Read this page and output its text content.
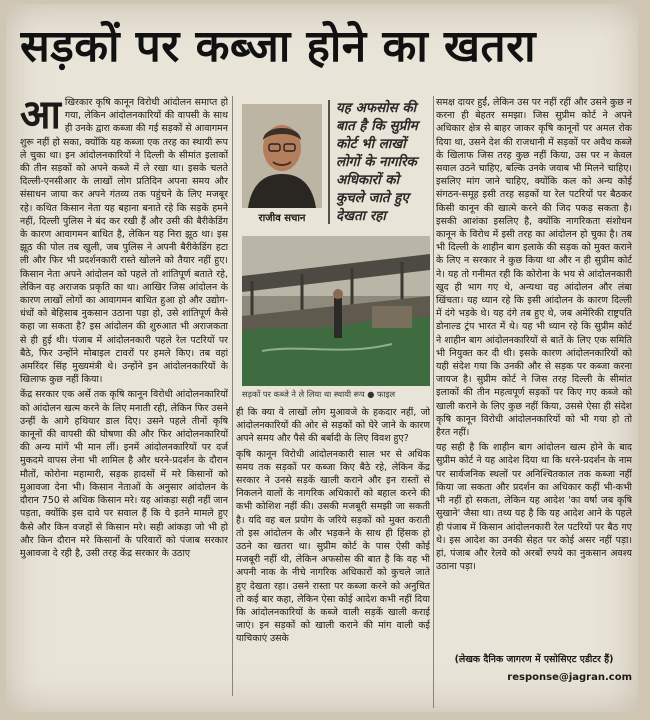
सड़कों पर कब्जा होने का खतरा

आखिरकार कृषि कानून विरोधी आंदोलन समाप्त हो गया, लेकिन आंदोलनकारियों की वापसी के साथ ही उनके द्वारा कब्जा की गई सड़कों से आवागमन शुरू नहीं हो सका, क्योंकि यह कब्जा एक तरह का स्थायी रूप ले चुका था। इन आंदोलनकारियों ने दिल्ली के सीमांत इलाकों की तीन सड़कों को अपने कब्जे में ले रखा था। इसके चलते दिल्ली-एनसीआर के लाखों लोग प्रतिदिन अपना समय और संसाधन जाया कर अपने गंतव्य तक पहुंचने के लिए मजबूर रहे। कथित किसान नेता यह बहाना बनाते रहे कि सड़कें हमने नहीं, दिल्ली पुलिस ने बंद कर रखी हैं और उसी की बैरीकेडिंग के कारण आवागमन बाधित है, लेकिन यह निरा झूठ था। इस झूठ की पोल तब खुली, जब पुलिस ने अपनी बैरीकेडिंग हटा ली और फिर भी प्रदर्शनकारी रास्ते खोलने को तैयार नहीं हुए। किसान नेता अपने आंदोलन को पहले तो शांतिपूर्ण बताते रहे, लेकिन वह अराजक प्रकृति का था। आखिर जिस आंदोलन के कारण लाखों लोगों का आवागमन बाधित हुआ हो और उद्योग-धंधों को बेहिसाब नुकसान उठाना पड़ा हो, उसे शांतिपूर्ण कैसे कहा जा सकता है? इस आंदोलन की शुरुआत भी अराजकता से ही हुई थी। पंजाब में आंदोलनकारी पहले रेल पटरियों पर बैठे, फिर उन्होंने मोबाइल टावरों पर हमले किए। तब वहां अमरिंदर सिंह मुख्यमंत्री थे। उन्होंने इन आंदोलनकारियों के खिलाफ कुछ नहीं किया।

केंद्र सरकार एक अर्से तक कृषि कानून विरोधी आंदोलनकारियों को आंदोलन खत्म करने के लिए मनाती रही, लेकिन फिर उसने उन्हीं के आगे हथियार डाल दिए। उसने पहले तीनों कृषि कानूनों की वापसी की घोषणा की और फिर आंदोलनकारियों की अन्य मांगें भी मान लीं। इनमें आंदोलनकारियों पर दर्ज मुकदमे वापस लेना भी शामिल है और धरने-प्रदर्शन के दौरान मौतों, कोरोना महामारी, सड़क हादसों में मरे किसानों को मुआवजा देना भी। किसान नेताओं के अनुसार आंदोलन के दौरान 750 से अधिक किसान मरे। यह आंकड़ा सही नहीं जान पड़ता, क्योंकि इस दावे पर सवाल हैं कि ये इतने मामले हुए कैसे और किन वजहों से किसान मरे। सही आंकड़ा जो भी हो और किन दौरान मरे किसानों के परिवारों को पंजाब सरकार मुआवजा दे रही है, उसी तरह केंद्र सरकार के उठाए

राजीव सचान
यह अफसोस की बात है कि सुप्रीम कोर्ट भी लाखों लोगों के नागरिक अधिकारों को कुचले जाते हुए देखता रहा
सड़कों पर कब्जे ने ले लिया था स्थायी रूप ● फाइल

ही कि क्या वे लाखों लोग मुआवजे के हकदार नहीं, जो आंदोलनकारियों की ओर से सड़कों को घेरे जाने के कारण अपने समय और पैसे की बर्बादी के लिए विवश हुए?

कृषि कानून विरोधी आंदोलनकारी साल भर से अधिक समय तक सड़कों पर कब्जा किए बैठे रहे, लेकिन केंद्र सरकार ने उनसे सड़कें खाली कराने और इन रास्तों से निकलने वालों के नागरिक अधिकारों को बहाल करने की कभी कोशिश नहीं की। उसकी मजबूरी समझी जा सकती है। यदि वह बल प्रयोग के जरिये सड़कों को मुक्त कराती तो इस आंदोलन के और भड़कने के साथ ही हिंसक हो उठने का खतरा था। सुप्रीम कोर्ट के पास ऐसी कोई मजबूरी नहीं थी, लेकिन अफसोस की बात है कि वह भी अपनी नाक के नीचे नागरिक अधिकारों को कुचले जाते हुए देखता रहा। उसने रास्ता पर कब्जा करने को अनुचित तो कई बार कहा, लेकिन ऐसा कोई आदेश कभी नहीं दिया कि आंदोलनकारियों के कब्जे वाली सड़कें खाली कराई जाएं। इन सड़कों को खाली कराने की मांग वाली कई याचिकाएं उसके

समक्ष दायर हुईं, लेकिन उस पर नहीं रहीं और उसने कुछ न करना ही बेहतर समझा। जिस सुप्रीम कोर्ट ने अपने अधिकार क्षेत्र से बाहर जाकर कृषि कानूनों पर अमल रोक दिया था, उसने देश की राजधानी में सड़कों पर अवैध कब्जे के खिलाफ जिस तरह कुछ नहीं किया, उस पर न केवल सवाल उठने चाहिए, बल्कि उनके जवाब भी मिलने चाहिए। इसलिए मांग जाने चाहिए, क्योंकि कल को अन्य कोई संगठन-समूह इसी तरह सड़कों या रेल पटरियों पर बैठकर किसी कानून की खात्मे करने की जिद पकड़ सकता है। इसकी आशंका इसलिए है, क्योंकि नागरिकता संशोधन कानून के विरोध में इसी तरह का आंदोलन हो चुका है। तब भी दिल्ली के शाहीन बाग इलाके की सड़क को मुक्त कराने के लिए न सरकार ने कुछ किया था और न ही सुप्रीम कोर्ट ने। यह तो गनीमत रही कि कोरोना के भय से आंदोलनकारी खुद ही भाग गए थे, अन्यथा वह आंदोलन और लंबा खिंचता। यह ध्यान रहे कि इसी आंदोलन के कारण दिल्ली में दंगे भड़के थे। यह दंगे तब हुए थे, जब अमेरिकी राष्ट्रपति डोनाल्ड ट्रंप भारत में थे। यह भी ध्यान रहे कि सुप्रीम कोर्ट ने शाहीन बाग आंदोलनकारियों से बातें के लिए एक समिति भी नियुक्त कर दी थी। इसके कारण आंदोलनकारियों को यही संदेश गया कि उनकी और से सड़क पर कब्जा करना जायज है। सुप्रीम कोर्ट ने जिस तरह दिल्ली के सीमांत इलाकों की तीन महत्वपूर्ण सड़कों पर किए गए कब्जे को खाली कराने के लिए कुछ नहीं किया, उससे ऐसा ही संदेश कृषि कानून विरोधी आंदोलनकारियों को भी गया हो तो हैरत नहीं।

यह सही है कि शाहीन बाग आंदोलन खत्म होने के बाद सुप्रीम कोर्ट ने यह आदेश दिया था कि धरने-प्रदर्शन के नाम पर सार्वजनिक स्थलों पर अनिश्चितकाल तक कब्जा नहीं किया जा सकता और प्रदर्शन का अधिकार कहीं भी-कभी भी नहीं हो सकता, लेकिन यह आदेश 'का वर्षा जब कृषि सुखाने' जैसा था। तथ्य यह है कि यह आदेश आने के पहले ही पंजाब में किसान आंदोलनकारी रेल पटरियों पर बैठ गए थे। इस आदेश का उनकी सेहत पर कोई असर नहीं पड़ा। हां, पंजाब और रेलवे को अरबों रुपये का नुकसान अवश्य उठाना पड़ा।

(लेखक दैनिक जागरण में एसोसिएट एडीटर हैं)
response@jagran.com
